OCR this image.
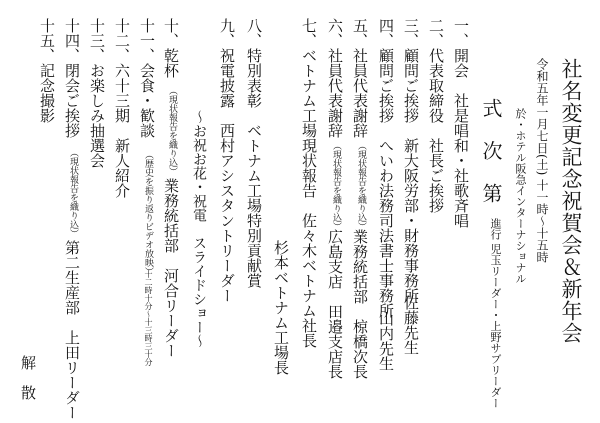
社名変更記念祝賀会＆新年会
令和五年一月七日(土) 十一時〜十五時
於・ホテル阪急インターナショナル
式 次 第
進行 児玉リーダー・上野サブリーダー
一、開会　社是唱和・社歌斉唱
二、代表取締役　社長ご挨拶
三、顧問ご挨拶　新大阪労部・財務事務所
佐藤先生
四、顧問ご挨拶　へいわ法務司法書士事務所
山内先生
五、社員代表謝辞
（現状報告を織り込）
業務統括部　椋橋次長
六、社員代表謝辞
（現状報告を織り込）
広島支店　田邉支店長
七、ベトナム工場現状報告　佐々木ベトナム社長
杉本ベトナム工場長
八、特別表彰　ベトナム工場特別貢献賞
九、祝電披露　西村アシスタントリーダー
〜お祝お花・祝電　スライドショー〜
十、乾杯
（現状報告を織り込）
業務統括部　河合リーダー
十一、会食・歓談
（歴史を振り返りビデオ放映）
十二時十分〜十三時三十分
十二、六十三期　新人紹介
十三、お楽しみ抽選会
十四、閉会ご挨拶
（現状報告を織り込）
第二生産部　上田リーダー
十五、記念撮影
解　散
